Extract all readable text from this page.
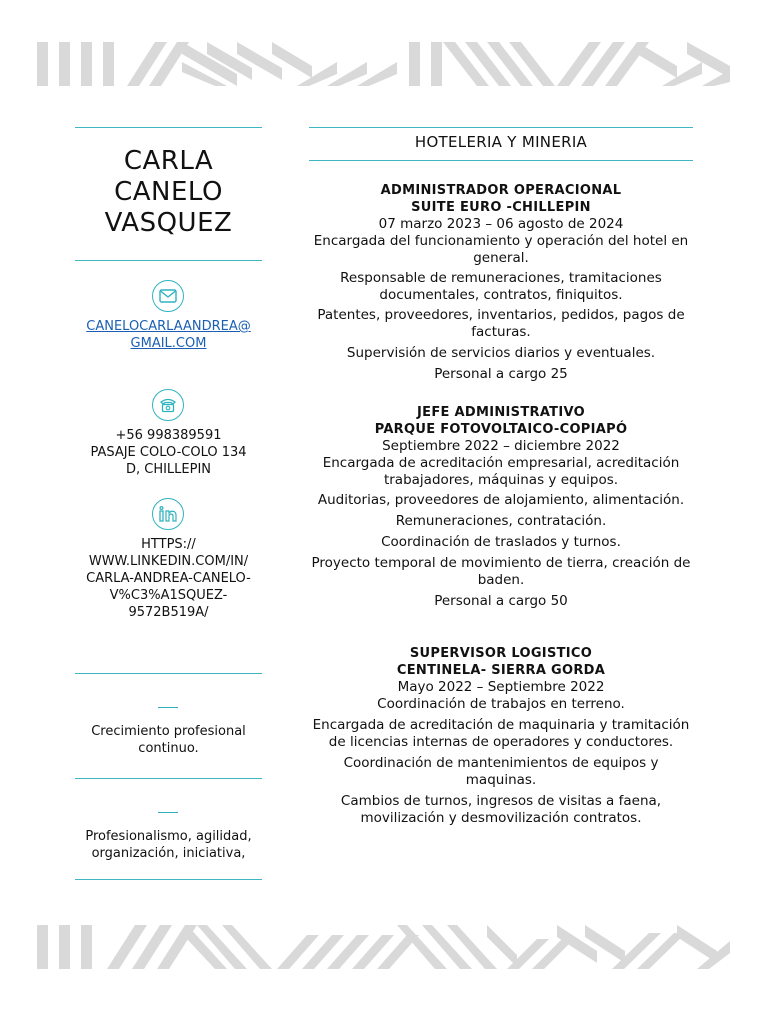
CARLA
CANELO
VASQUEZ
CANELOCARLAANDREA@
GMAIL.COM
+56 998389591
PASAJE COLO-COLO 134
D, CHILLEPIN
HTTPS://
WWW.LINKEDIN.COM/IN/
CARLA-ANDREA-CANELO-
V%C3%A1SQUEZ-
9572B519A/
Crecimiento profesional continuo.
Profesionalismo, agilidad, organización, iniciativa,
HOTELERIA Y MINERIA
ADMINISTRADOR OPERACIONAL
SUITE EURO -CHILLEPIN
07 marzo 2023 – 06 agosto de 2024
Encargada del funcionamiento y operación del hotel en general.
Responsable de remuneraciones, tramitaciones documentales, contratos, finiquitos.
Patentes, proveedores, inventarios, pedidos, pagos de facturas.
Supervisión de servicios diarios y eventuales.
Personal a cargo 25
JEFE ADMINISTRATIVO
PARQUE FOTOVOLTAICO-COPIAPÓ
Septiembre 2022 – diciembre 2022
Encargada de acreditación empresarial, acreditación trabajadores, máquinas y equipos.
Auditorias, proveedores de alojamiento, alimentación.
Remuneraciones, contratación.
Coordinación de traslados y turnos.
Proyecto temporal de movimiento de tierra, creación de baden.
Personal a cargo 50
SUPERVISOR LOGISTICO
CENTINELA- SIERRA GORDA
Mayo 2022 – Septiembre 2022
Coordinación de trabajos en terreno.
Encargada de acreditación de maquinaria y tramitación de licencias internas de operadores y conductores.
Coordinación de mantenimientos de equipos y maquinas.
Cambios de turnos, ingresos de visitas a faena, movilización y desmovilización contratos.
